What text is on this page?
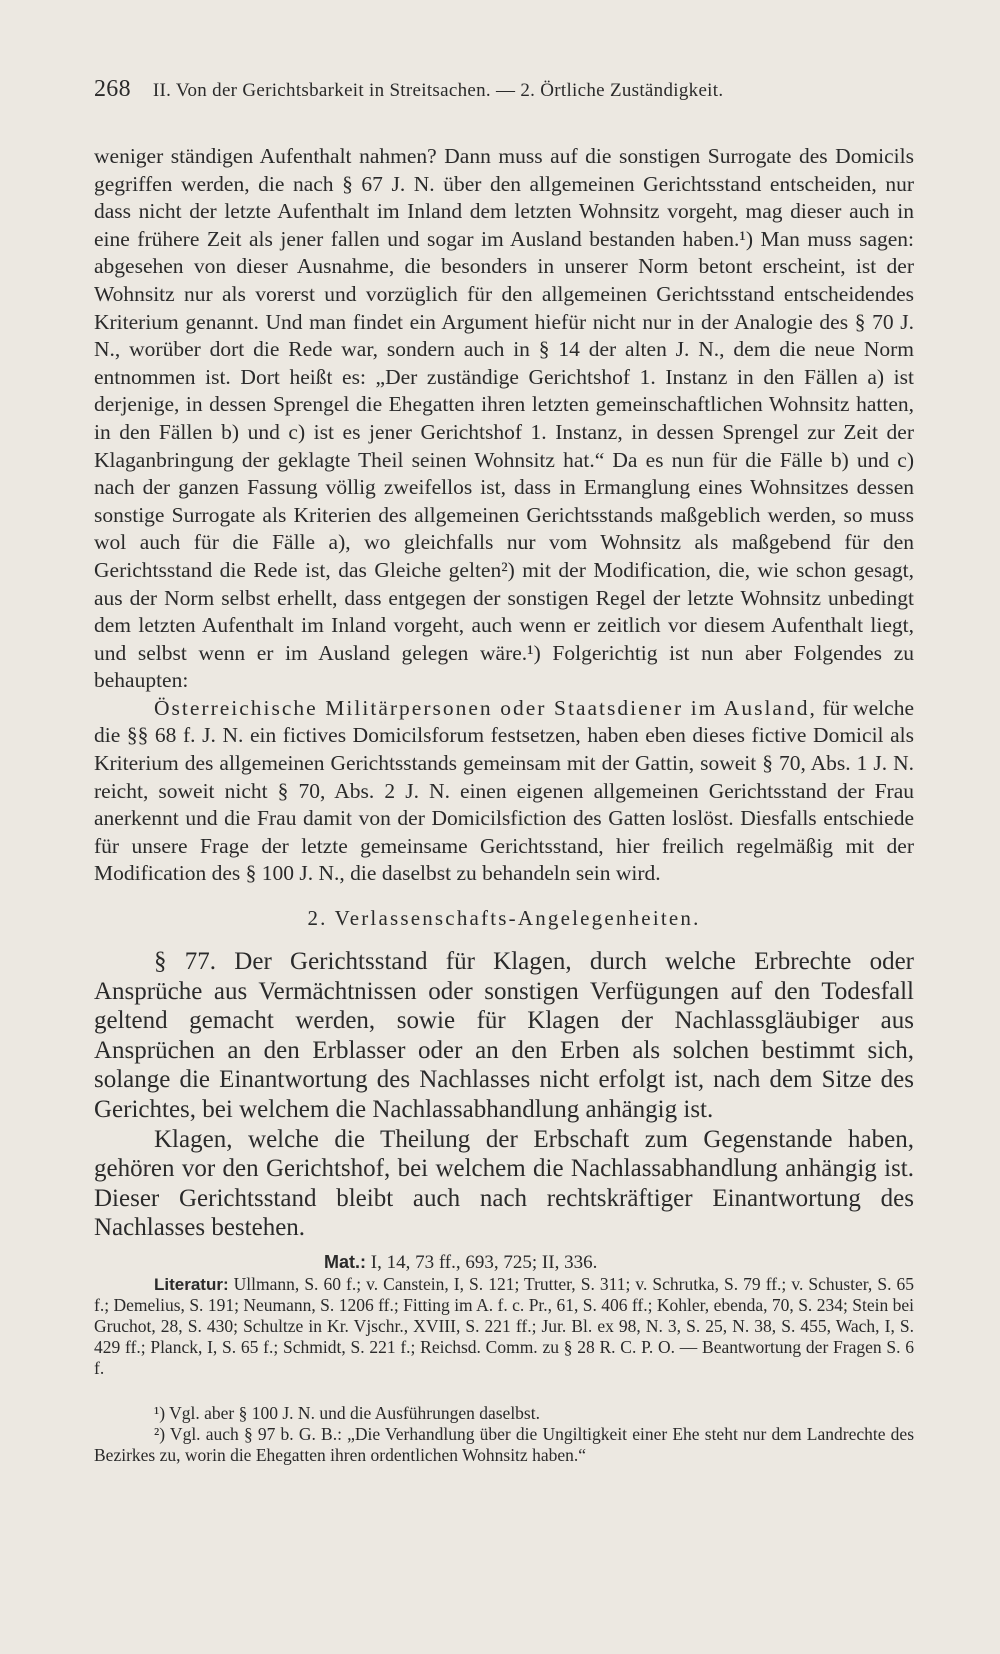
268 II. Von der Gerichtsbarkeit in Streitsachen. — 2. Örtliche Zuständigkeit.

weniger ständigen Aufenthalt nahmen? Dann muss auf die sonstigen Surrogate des Domicils gegriffen werden, die nach § 67 J. N. über den allgemeinen Gerichtsstand entscheiden, nur dass nicht der letzte Aufenthalt im Inland dem letzten Wohnsitz vorgeht, mag dieser auch in eine frühere Zeit als jener fallen und sogar im Ausland bestanden haben.¹) Man muss sagen: abgesehen von dieser Ausnahme, die besonders in unserer Norm betont erscheint, ist der Wohnsitz nur als vorerst und vorzüglich für den allgemeinen Gerichtsstand entscheidendes Kriterium genannt. Und man findet ein Argument hiefür nicht nur in der Analogie des § 70 J. N., worüber dort die Rede war, sondern auch in § 14 der alten J. N., dem die neue Norm entnommen ist. Dort heißt es: „Der zuständige Gerichtshof 1. Instanz in den Fällen a) ist derjenige, in dessen Sprengel die Ehegatten ihren letzten gemeinschaftlichen Wohnsitz hatten, in den Fällen b) und c) ist es jener Gerichtshof 1. Instanz, in dessen Sprengel zur Zeit der Klaganbringung der geklagte Theil seinen Wohnsitz hat.“ Da es nun für die Fälle b) und c) nach der ganzen Fassung völlig zweifellos ist, dass in Ermanglung eines Wohnsitzes dessen sonstige Surrogate als Kriterien des allgemeinen Gerichtsstands maßgeblich werden, so muss wol auch für die Fälle a), wo gleichfalls nur vom Wohnsitz als maßgebend für den Gerichtsstand die Rede ist, das Gleiche gelten²) mit der Modification, die, wie schon gesagt, aus der Norm selbst erhellt, dass entgegen der sonstigen Regel der letzte Wohnsitz unbedingt dem letzten Aufenthalt im Inland vorgeht, auch wenn er zeitlich vor diesem Aufenthalt liegt, und selbst wenn er im Ausland gelegen wäre.¹) Folgerichtig ist nun aber Folgendes zu behaupten:

Österreichische Militärpersonen oder Staatsdiener im Ausland, für welche die §§ 68 f. J. N. ein fictives Domicilsforum festsetzen, haben eben dieses fictive Domicil als Kriterium des allgemeinen Gerichtsstands gemeinsam mit der Gattin, soweit § 70, Abs. 1 J. N. reicht, soweit nicht § 70, Abs. 2 J. N. einen eigenen allgemeinen Gerichtsstand der Frau anerkennt und die Frau damit von der Domicilsfiction des Gatten loslöst. Diesfalls entschiede für unsere Frage der letzte gemeinsame Gerichtsstand, hier freilich regelmäßig mit der Modification des § 100 J. N., die daselbst zu behandeln sein wird.

2. Verlassenschafts-Angelegenheiten.

§ 77. Der Gerichtsstand für Klagen, durch welche Erbrechte oder Ansprüche aus Vermächtnissen oder sonstigen Verfügungen auf den Todesfall geltend gemacht werden, sowie für Klagen der Nachlassgläubiger aus Ansprüchen an den Erblasser oder an den Erben als solchen bestimmt sich, solange die Einantwortung des Nachlasses nicht erfolgt ist, nach dem Sitze des Gerichtes, bei welchem die Nachlassabhandlung anhängig ist.

Klagen, welche die Theilung der Erbschaft zum Gegenstande haben, gehören vor den Gerichtshof, bei welchem die Nachlassabhandlung anhängig ist. Dieser Gerichtsstand bleibt auch nach rechtskräftiger Einantwortung des Nachlasses bestehen.

Mat.: I, 14, 73 ff., 693, 725; II, 336.

Literatur: Ullmann, S. 60 f.; v. Canstein, I, S. 121; Trutter, S. 311; v. Schrutka, S. 79 ff.; v. Schuster, S. 65 f.; Demelius, S. 191; Neumann, S. 1206 ff.; Fitting im A. f. c. Pr., 61, S. 406 ff.; Kohler, ebenda, 70, S. 234; Stein bei Gruchot, 28, S. 430; Schultze in Kr. Vjschr., XVIII, S. 221 ff.; Jur. Bl. ex 98, N. 3, S. 25, N. 38, S. 455, Wach, I, S. 429 ff.; Planck, I, S. 65 f.; Schmidt, S. 221 f.; Reichsd. Comm. zu § 28 R. C. P. O. — Beantwortung der Fragen S. 6 f.

¹) Vgl. aber § 100 J. N. und die Ausführungen daselbst.

²) Vgl. auch § 97 b. G. B.: „Die Verhandlung über die Ungiltigkeit einer Ehe steht nur dem Landrechte des Bezirkes zu, worin die Ehegatten ihren ordentlichen Wohnsitz haben.“
